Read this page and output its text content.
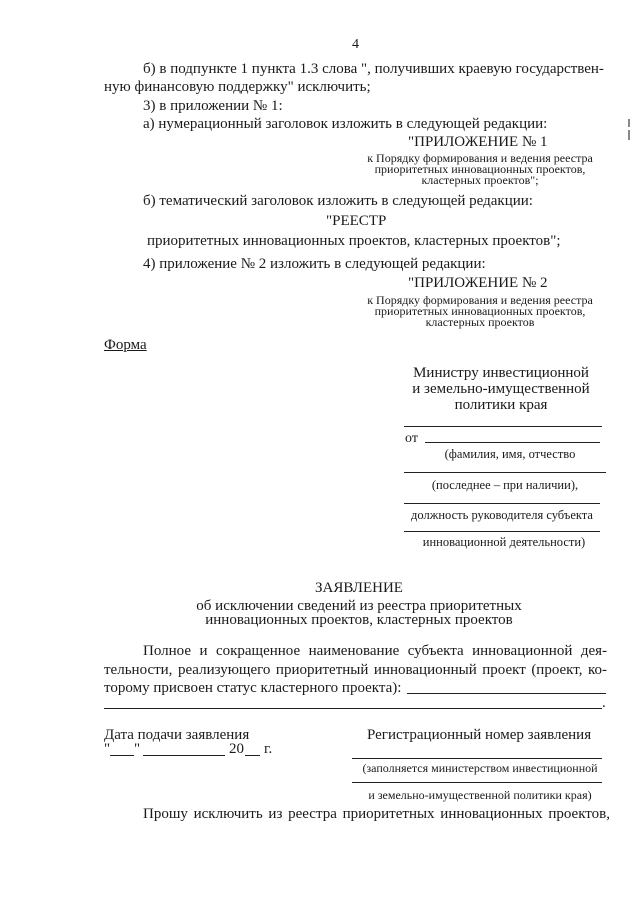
4
б) в подпункте 1 пункта 1.3 слова ", получивших краевую государствен-
ную финансовую поддержку" исключить;
3) в приложении № 1:
а) нумерационный заголовок изложить в следующей редакции:
"ПРИЛОЖЕНИЕ № 1
к Порядку формирования и ведения реестра
приоритетных инновационных проектов,
кластерных проектов";
б) тематический заголовок изложить в следующей редакции:
"РЕЕСТР
приоритетных инновационных проектов, кластерных проектов";
4) приложение № 2 изложить в следующей редакции:
"ПРИЛОЖЕНИЕ № 2
к Порядку формирования и ведения реестра
приоритетных инновационных проектов,
кластерных проектов
Форма
Министру инвестиционной
и земельно-имущественной
политики края
от
(фамилия, имя, отчество
(последнее – при наличии),
должность руководителя субъекта
инновационной деятельности)
ЗАЯВЛЕНИЕ
об исключении сведений из реестра приоритетных
инновационных проектов, кластерных проектов
Полное и сокращенное наименование субъекта инновационной дея-
тельности, реализующего приоритетный инновационный проект (проект, ко-
торому присвоен статус кластерного проекта):
.
Дата подачи заявления
" "	20 г.
Регистрационный номер заявления
(заполняется министерством инвестиционной
и земельно-имущественной политики края)
Прошу исключить из реестра приоритетных инновационных проектов,
